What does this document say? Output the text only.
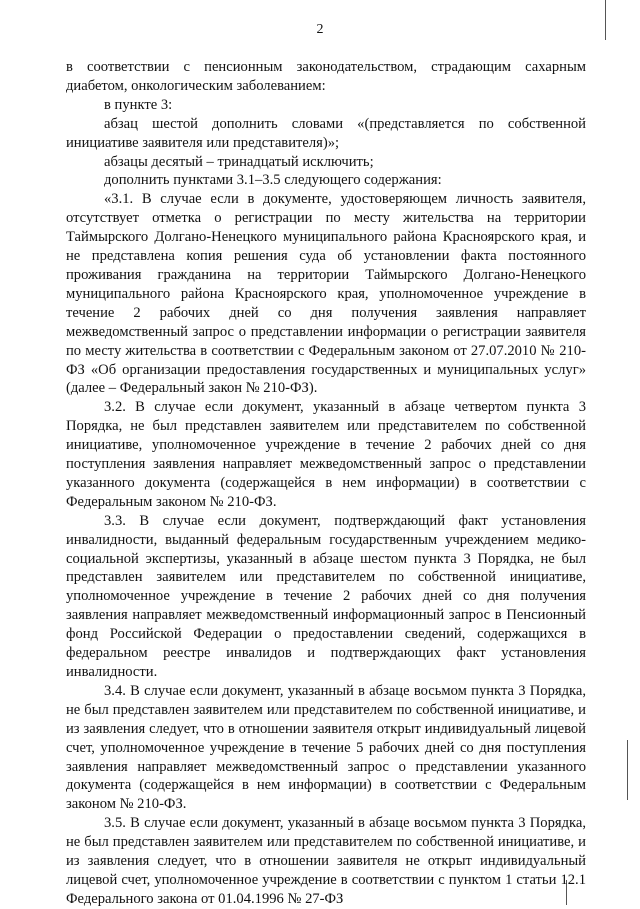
2

в соответствии с пенсионным законодательством, страдающим сахарным диабетом, онкологическим заболеванием:

в пункте 3:

абзац шестой дополнить словами «(представляется по собственной инициативе заявителя или представителя)»;

абзацы десятый – тринадцатый исключить;

дополнить пунктами 3.1–3.5 следующего содержания:

«3.1. В случае если в документе, удостоверяющем личность заявителя, отсутствует отметка о регистрации по месту жительства на территории Таймырского Долгано-Ненецкого муниципального района Красноярского края, и не представлена копия решения суда об установлении факта постоянного проживания гражданина на территории Таймырского Долгано-Ненецкого муниципального района Красноярского края, уполномоченное учреждение в течение 2 рабочих дней со дня получения заявления направляет межведомственный запрос о представлении информации о регистрации заявителя по месту жительства в соответствии с Федеральным законом от 27.07.2010 № 210-ФЗ «Об организации предоставления государственных и муниципальных услуг» (далее – Федеральный закон № 210-ФЗ).

3.2. В случае если документ, указанный в абзаце четвертом пункта 3 Порядка, не был представлен заявителем или представителем по собственной инициативе, уполномоченное учреждение в течение 2 рабочих дней со дня поступления заявления направляет межведомственный запрос о представлении указанного документа (содержащейся в нем информации) в соответствии с Федеральным законом № 210-ФЗ.

3.3. В случае если документ, подтверждающий факт установления инвалидности, выданный федеральным государственным учреждением медико-социальной экспертизы, указанный в абзаце шестом пункта 3 Порядка, не был представлен заявителем или представителем по собственной инициативе, уполномоченное учреждение в течение 2 рабочих дней со дня получения заявления направляет межведомственный информационный запрос в Пенсионный фонд Российской Федерации о предоставлении сведений, содержащихся в федеральном реестре инвалидов и подтверждающих факт установления инвалидности.

3.4. В случае если документ, указанный в абзаце восьмом пункта 3 Порядка, не был представлен заявителем или представителем по собственной инициативе, и из заявления следует, что в отношении заявителя открыт индивидуальный лицевой счет, уполномоченное учреждение в течение 5 рабочих дней со дня поступления заявления направляет межведомственный запрос о представлении указанного документа (содержащейся в нем информации) в соответствии с Федеральным законом № 210-ФЗ.

3.5. В случае если документ, указанный в абзаце восьмом пункта 3 Порядка, не был представлен заявителем или представителем по собственной инициативе, и из заявления следует, что в отношении заявителя не открыт индивидуальный лицевой счет, уполномоченное учреждение в соответствии с пунктом 1 статьи 12.1 Федерального закона от 01.04.1996 № 27-ФЗ
